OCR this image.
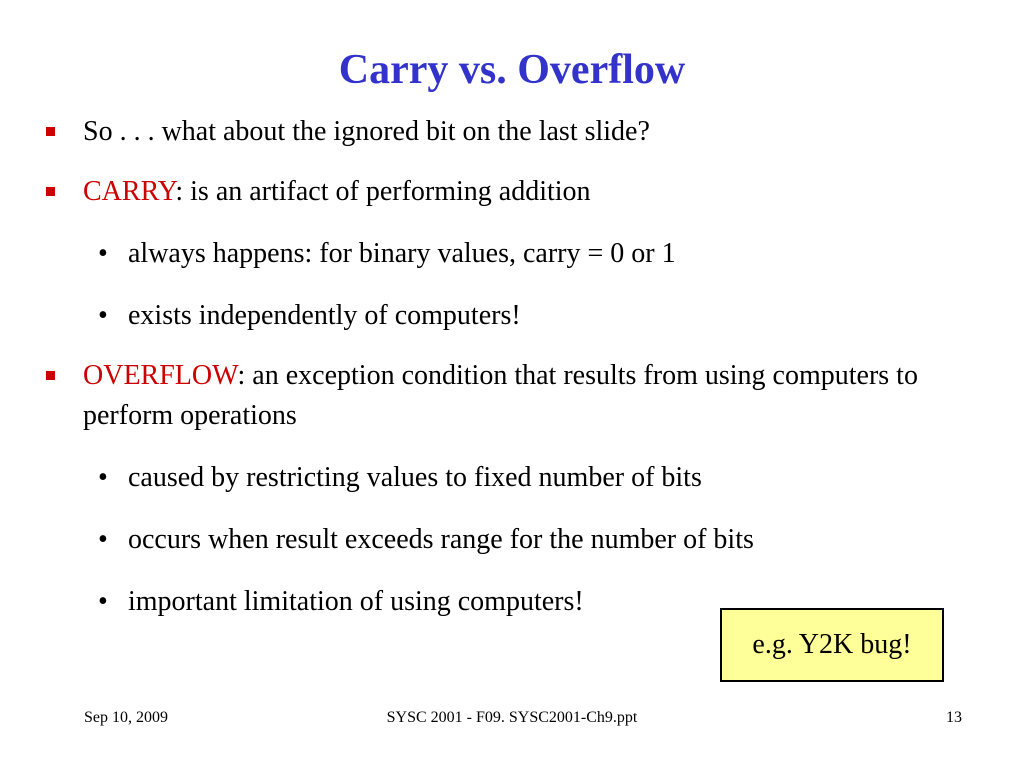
Carry vs. Overflow
So . . . what about the ignored bit on the last slide?
CARRY: is an artifact of performing addition
• always happens: for binary values, carry = 0 or 1
• exists independently of computers!
OVERFLOW: an exception condition that results from using computers to perform operations
• caused by restricting values to fixed number of bits
• occurs when result exceeds range for the number of bits
• important limitation of using computers!
e.g. Y2K bug!
Sep 10, 2009	SYSC 2001 - F09. SYSC2001-Ch9.ppt	13
